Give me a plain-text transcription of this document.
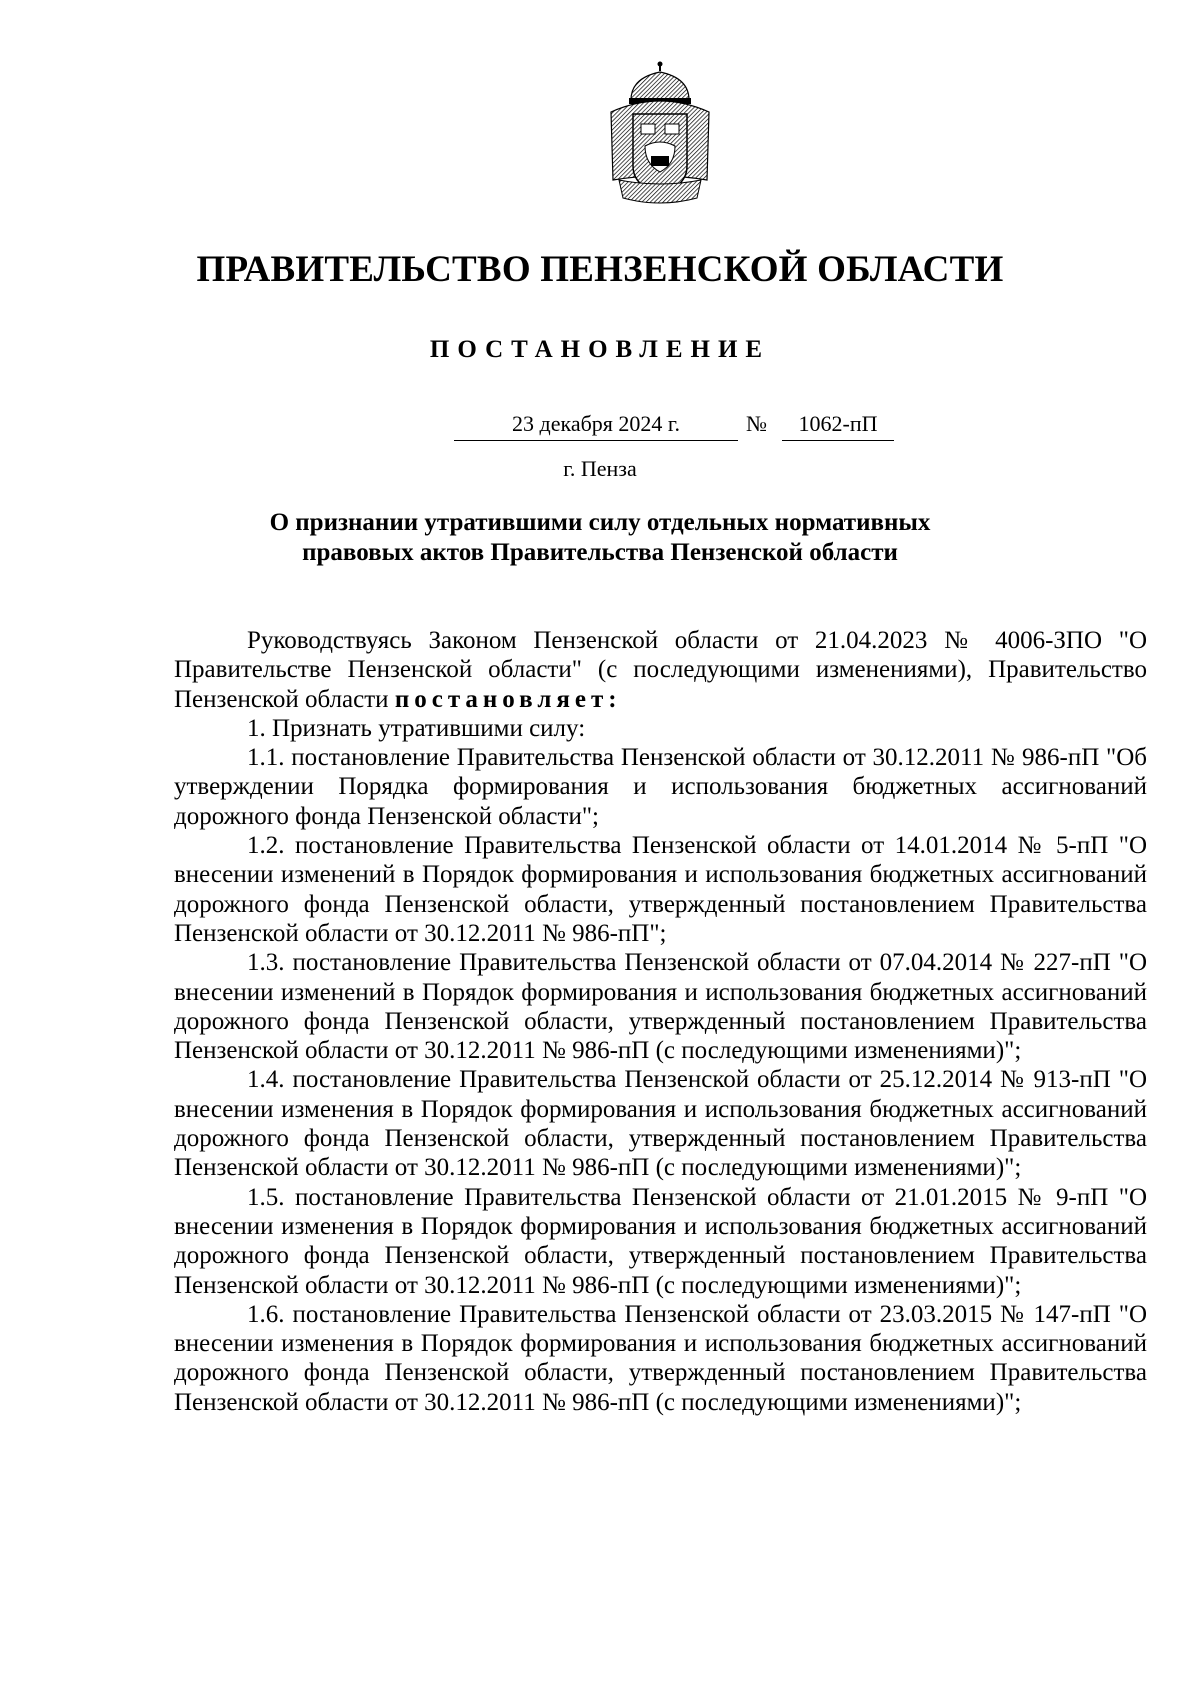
ПРАВИТЕЛЬСТВО ПЕНЗЕНСКОЙ ОБЛАСТИ
ПОСТАНОВЛЕНИЕ
23 декабря 2024 г.	№	1062-пП
г. Пенза
О признании утратившими силу отдельных нормативных
правовых актов Правительства Пензенской области

Руководствуясь Законом Пензенской области от 21.04.2023 № 4006-ЗПО "О Правительстве Пензенской области" (с последующими изменениями), Правительство Пензенской области постановляет:

1. Признать утратившими силу:

1.1. постановление Правительства Пензенской области от 30.12.2011 № 986-пП "Об утверждении Порядка формирования и использования бюджетных ассигнований дорожного фонда Пензенской области";

1.2. постановление Правительства Пензенской области от 14.01.2014 № 5-пП "О внесении изменений в Порядок формирования и использования бюджетных ассигнований дорожного фонда Пензенской области, утвержденный постановлением Правительства Пензенской области от 30.12.2011 № 986-пП";

1.3. постановление Правительства Пензенской области от 07.04.2014 № 227-пП "О внесении изменений в Порядок формирования и использования бюджетных ассигнований дорожного фонда Пензенской области, утвержденный постановлением Правительства Пензенской области от 30.12.2011 № 986-пП (с последующими изменениями)";

1.4. постановление Правительства Пензенской области от 25.12.2014 № 913-пП "О внесении изменения в Порядок формирования и использования бюджетных ассигнований дорожного фонда Пензенской области, утвержденный постановлением Правительства Пензенской области от 30.12.2011 № 986-пП (с последующими изменениями)";

1.5. постановление Правительства Пензенской области от 21.01.2015 № 9-пП "О внесении изменения в Порядок формирования и использования бюджетных ассигнований дорожного фонда Пензенской области, утвержденный постановлением Правительства Пензенской области от 30.12.2011 № 986-пП (с последующими изменениями)";

1.6. постановление Правительства Пензенской области от 23.03.2015 № 147-пП "О внесении изменения в Порядок формирования и использования бюджетных ассигнований дорожного фонда Пензенской области, утвержденный постановлением Правительства Пензенской области от 30.12.2011 № 986-пП (с последующими изменениями)";
